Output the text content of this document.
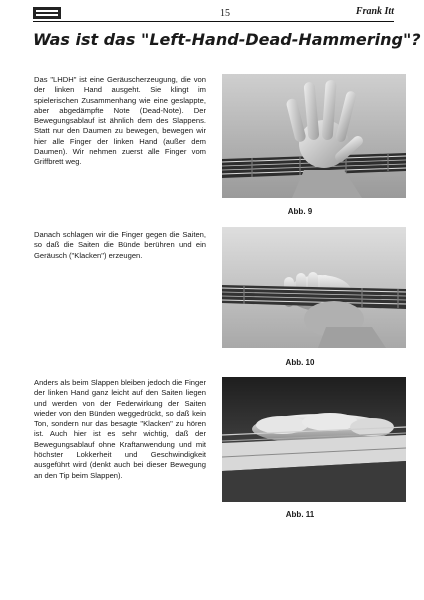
15	Frank Itt
Was ist das "Left-Hand-Dead-Hammering"?

Das "LHDH" ist eine Geräuscherzeugung, die von der linken Hand ausgeht. Sie klingt im spielerischen Zusammenhang wie eine geslappte, aber abgedämpfte Note (Dead-Note). Der Bewegungsablauf ist ähnlich dem des Slappens. Statt nur den Daumen zu bewegen, bewegen wir hier alle Finger der linken Hand (außer dem Daumen). Wir nehmen zuerst alle Finger vom Griffbrett weg.

Abb. 9

Danach schlagen wir die Finger gegen die Saiten, so daß die Saiten die Bünde berühren und ein Geräusch ("Klacken") erzeugen.

Abb. 10

Anders als beim Slappen bleiben jedoch die Finger der linken Hand ganz leicht auf den Saiten liegen und werden von der Federwirkung der Saiten wieder von den Bünden weggedrückt, so daß kein Ton, sondern nur das besagte "Klacken" zu hören ist. Auch hier ist es sehr wichtig, daß der Bewegungsablauf ohne Kraftanwendung und mit höchster Lokkerheit und Geschwindigkeit ausgeführt wird (denkt auch bei dieser Bewegung an den Tip beim Slappen).

Abb. 11
